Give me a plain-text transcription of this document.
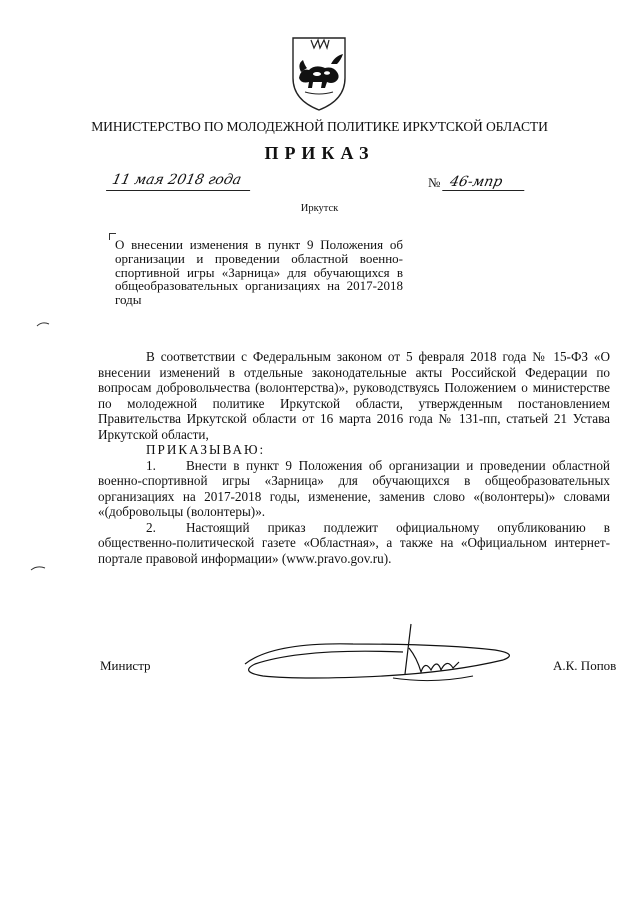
МИНИСТЕРСТВО ПО МОЛОДЕЖНОЙ ПОЛИТИКЕ ИРКУТСКОЙ ОБЛАСТИ
ПРИКАЗ
11 мая 2018 года	№ 46-мпр
Иркутск
О внесении изменения в пункт 9 Положения об организации и проведении областной военно-спортивной игры «Зарница» для обучающихся в общеобразовательных организациях на 2017-2018 годы

В соответствии с Федеральным законом от 5 февраля 2018 года № 15-ФЗ «О внесении изменений в отдельные законодательные акты Российской Федерации по вопросам добровольчества (волонтерства)», руководствуясь Положением о министерстве по молодежной политике Иркутской области, утвержденным постановлением Правительства Иркутской области от 16 марта 2016 года № 131-пп, статьей 21 Устава Иркутской области,

ПРИКАЗЫВАЮ:

1. Внести в пункт 9 Положения об организации и проведении областной военно-спортивной игры «Зарница» для обучающихся в общеобразовательных организациях на 2017-2018 годы, изменение, заменив слово «(волонтеры)» словами «(добровольцы (волонтеры)».

2. Настоящий приказ подлежит официальному опубликованию в общественно-политической газете «Областная», а также на «Официальном интернет-портале правовой информации» (www.pravo.gov.ru).

Министр	А.К. Попов
